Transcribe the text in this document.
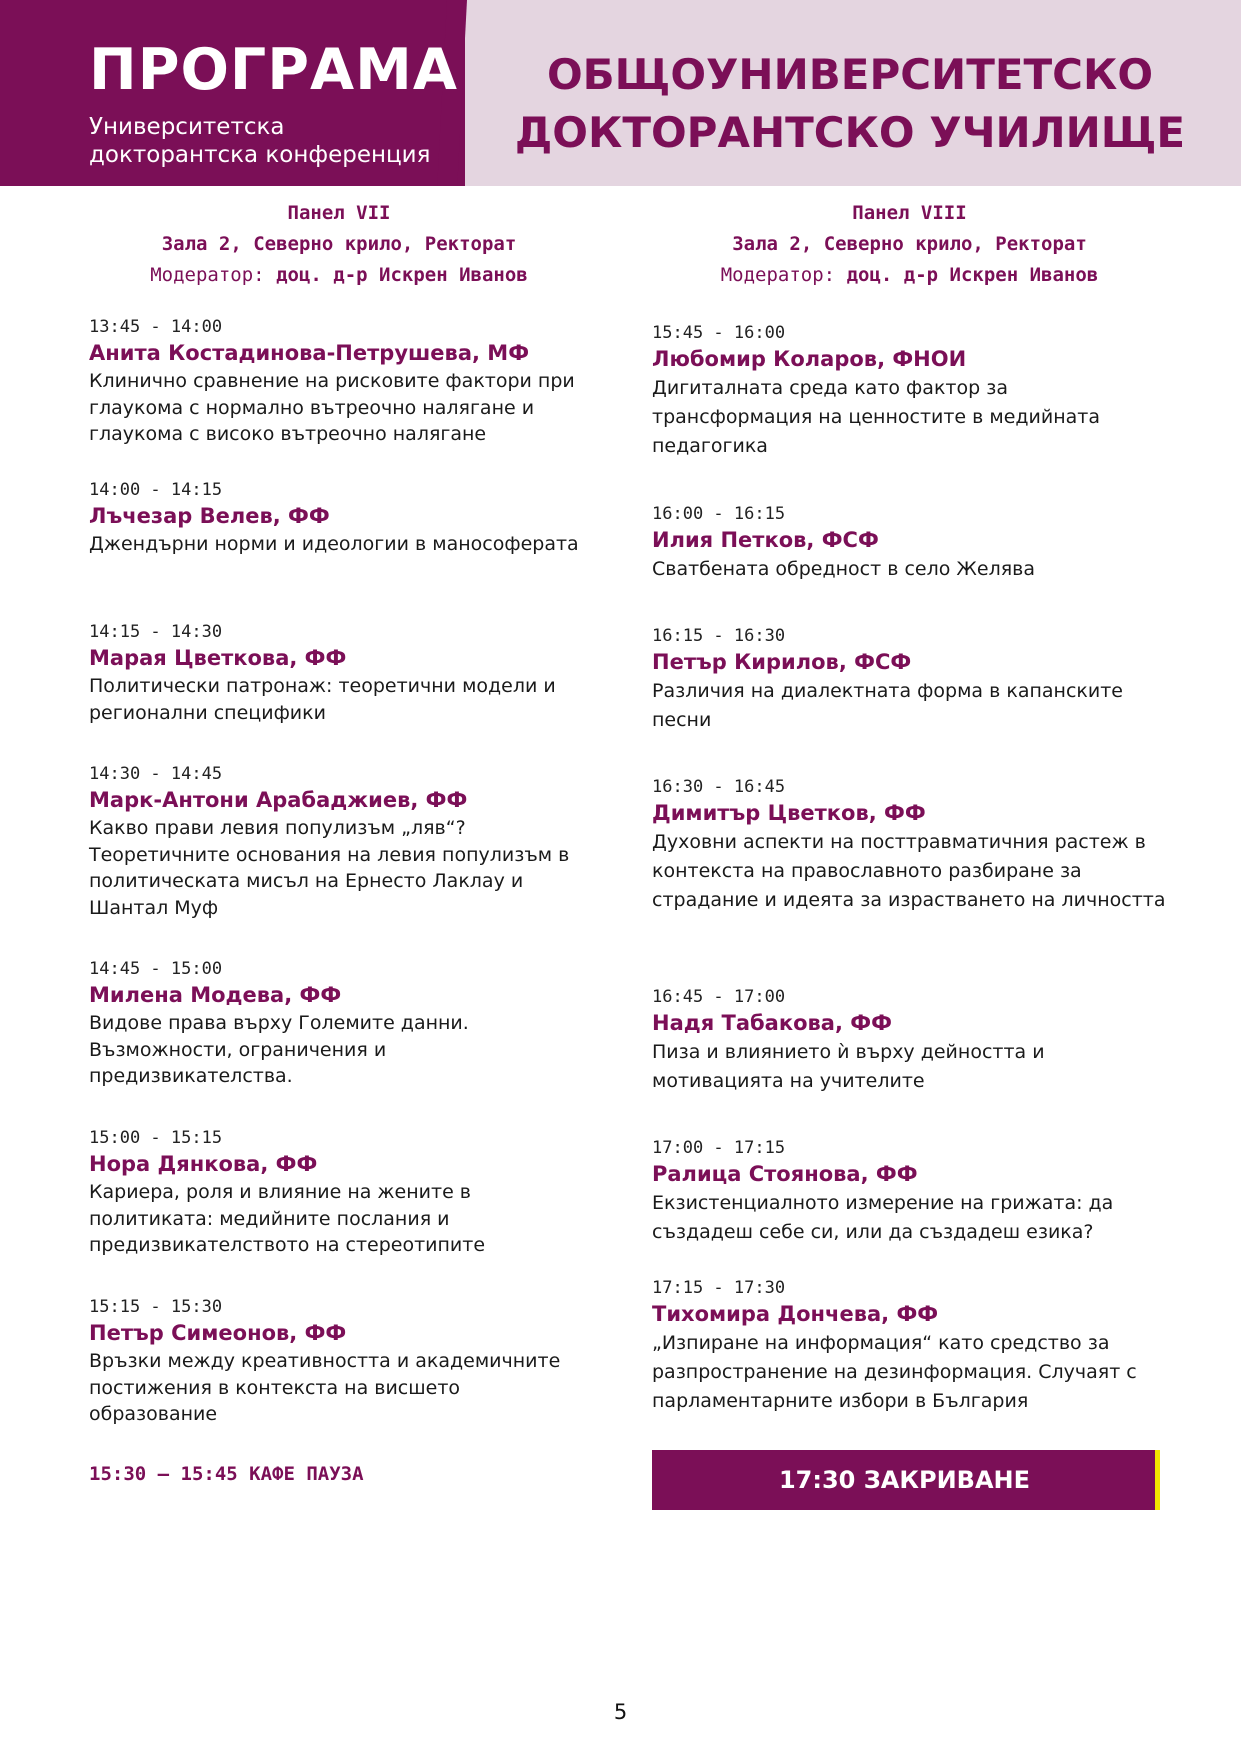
ПРОГРАМА
Университетска
докторантска конференция
ОБЩОУНИВЕРСИТЕТСКО
ДОКТОРАНТСКО УЧИЛИЩЕ
Панел VII
Зала 2, Северно крило, Ректорат
Модератор: доц. д-р Искрен Иванов
13:45 - 14:00
Анита Костадинова-Петрушева, МФ
Клинично сравнение на рисковите фактори при глаукома с нормално вътреочно налягане и глаукома с високо вътреочно налягане
14:00 - 14:15
Лъчезар Велев, ФФ
Джендърни норми и идеологии в манософерата
14:15 - 14:30
Марая Цветкова, ФФ
Политически патронаж: теоретични модели и регионални специфики
14:30 - 14:45
Марк-Антони Арабаджиев, ФФ
Какво прави левия популизъм „ляв“? Теоретичните основания на левия популизъм в политическата мисъл на Ернесто Лаклау и Шантал Муф
14:45 - 15:00
Милена Модева, ФФ
Видове права върху Големите данни. Възможности, ограничения и предизвикателства.
15:00 - 15:15
Нора Дянкова, ФФ
Кариера, роля и влияние на жените в политиката: медийните послания и предизвикателството на стереотипите
15:15 - 15:30
Петър Симеонов, ФФ
Връзки между креативността и академичните постижения в контекста на висшето образование
15:30 – 15:45 КАФЕ ПАУЗА
Панел VIII
Зала 2, Северно крило, Ректорат
Модератор: доц. д-р Искрен Иванов
15:45 - 16:00
Любомир Коларов, ФНОИ
Дигиталната среда като фактор за трансформация на ценностите в медийната педагогика
16:00 - 16:15
Илия Петков, ФСФ
Сватбената обредност в село Желява
16:15 - 16:30
Петър Кирилов, ФСФ
Различия на диалектната форма в капанските песни
16:30 - 16:45
Димитър Цветков, ФФ
Духовни аспекти на посттравматичния растеж в контекста на православното разбиране за страдание и идеята за израстването на личността
16:45 - 17:00
Надя Табакова, ФФ
Пиза и влиянието ѝ върху дейността и мотивацията на учителите
17:00 - 17:15
Ралица Стоянова, ФФ
Екзистенциалното измерение на грижата: да създадеш себе си, или да създадеш езика?
17:15 - 17:30
Тихомира Дончева, ФФ
„Изпиране на информация“ като средство за разпространение на дезинформация. Случаят с парламентарните избори в България
17:30 ЗАКРИВАНЕ
5
